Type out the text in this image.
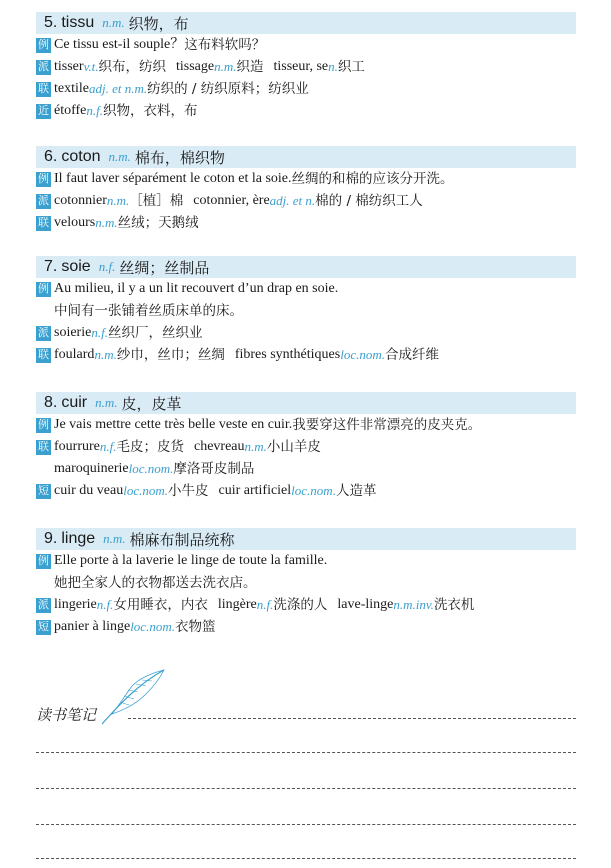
5. tissu n.m. 织物，布
例 Ce tissu est-il souple？ 这布料软吗？
派 tisser v.t. 织布，纺织 tissage n.m. 织造 tisseur, se n. 织工
联 textile adj. et n.m. 纺织的 / 纺织原料；纺织业
近 étoffe n.f. 织物，衣料，布
6. coton n.m. 棉布，棉织物
例 Il faut laver séparément le coton et la soie. 丝绸的和棉的应该分开洗。
派 cotonnier n.m. ［植］棉 cotonnier, ère adj. et n. 棉的 / 棉纺织工人
联 velours n.m. 丝绒；天鹅绒
7. soie n.f. 丝绸；丝制品
例 Au milieu, il y a un lit recouvert d’un drap en soie.
中间有一张铺着丝质床单的床。
派 soierie n.f. 丝织厂，丝织业
联 foulard n.m. 纱巾，丝巾；丝绸 fibres synthétiques loc.nom. 合成纤维
8. cuir n.m. 皮，皮革
例 Je vais mettre cette très belle veste en cuir. 我要穿这件非常漂亮的皮夹克。
联 fourrure n.f. 毛皮；皮货 chevreau n.m. 小山羊皮
maroquinerie loc.nom. 摩洛哥皮制品
短 cuir du veau loc.nom. 小牛皮 cuir artificiel loc.nom. 人造革
9. linge n.m. 棉麻布制品统称
例 Elle porte à la laverie le linge de toute la famille.
她把全家人的衣物都送去洗衣店。
派 lingerie n.f. 女用睡衣，内衣 lingère n.f. 洗涤的人 lave-linge n.m.inv. 洗衣机
短 panier à linge loc.nom. 衣物篮
读书笔记
